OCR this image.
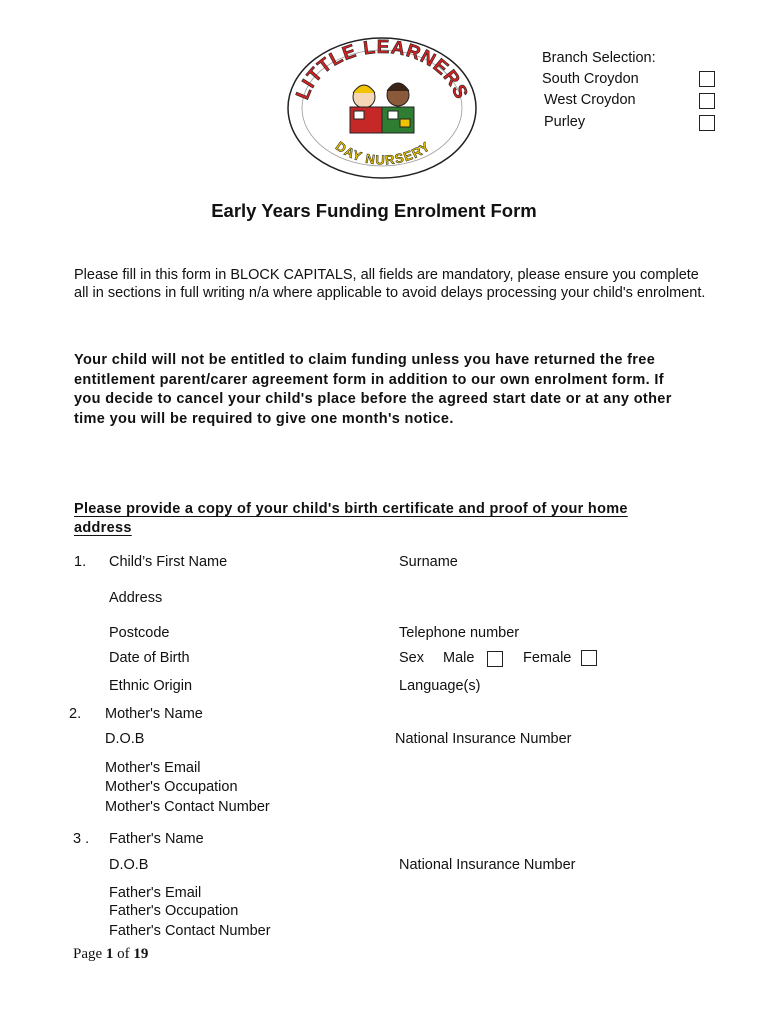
LITTLE LEARNERS
DAY NURSERY
Branch Selection:
South Croydon
West Croydon
Purley
Early Years Funding Enrolment Form
Please fill in this form in BLOCK CAPITALS, all fields are mandatory, please ensure you complete all in sections in full writing n/a where applicable to avoid delays processing your child's enrolment.
Your child will not be entitled to claim funding unless you have returned the free entitlement parent/carer agreement form in addition to our own enrolment form. If you decide to cancel your child's place before the agreed start date or at any other time you will be required to give one month's notice.
Please provide a copy of your child's birth certificate and proof of your home address
1. Child’s First Name	Surname
Address
Postcode	Telephone number
Date of Birth	Sex Male	Female
Ethnic Origin	Language(s)
2. Mother's Name
D.O.B	National Insurance Number
Mother's Email
Mother's Occupation
Mother's Contact Number
3 . Father's Name
D.O.B	National Insurance Number
Father's Email
Father's Occupation
Father's Contact Number
Page 1 of 19
